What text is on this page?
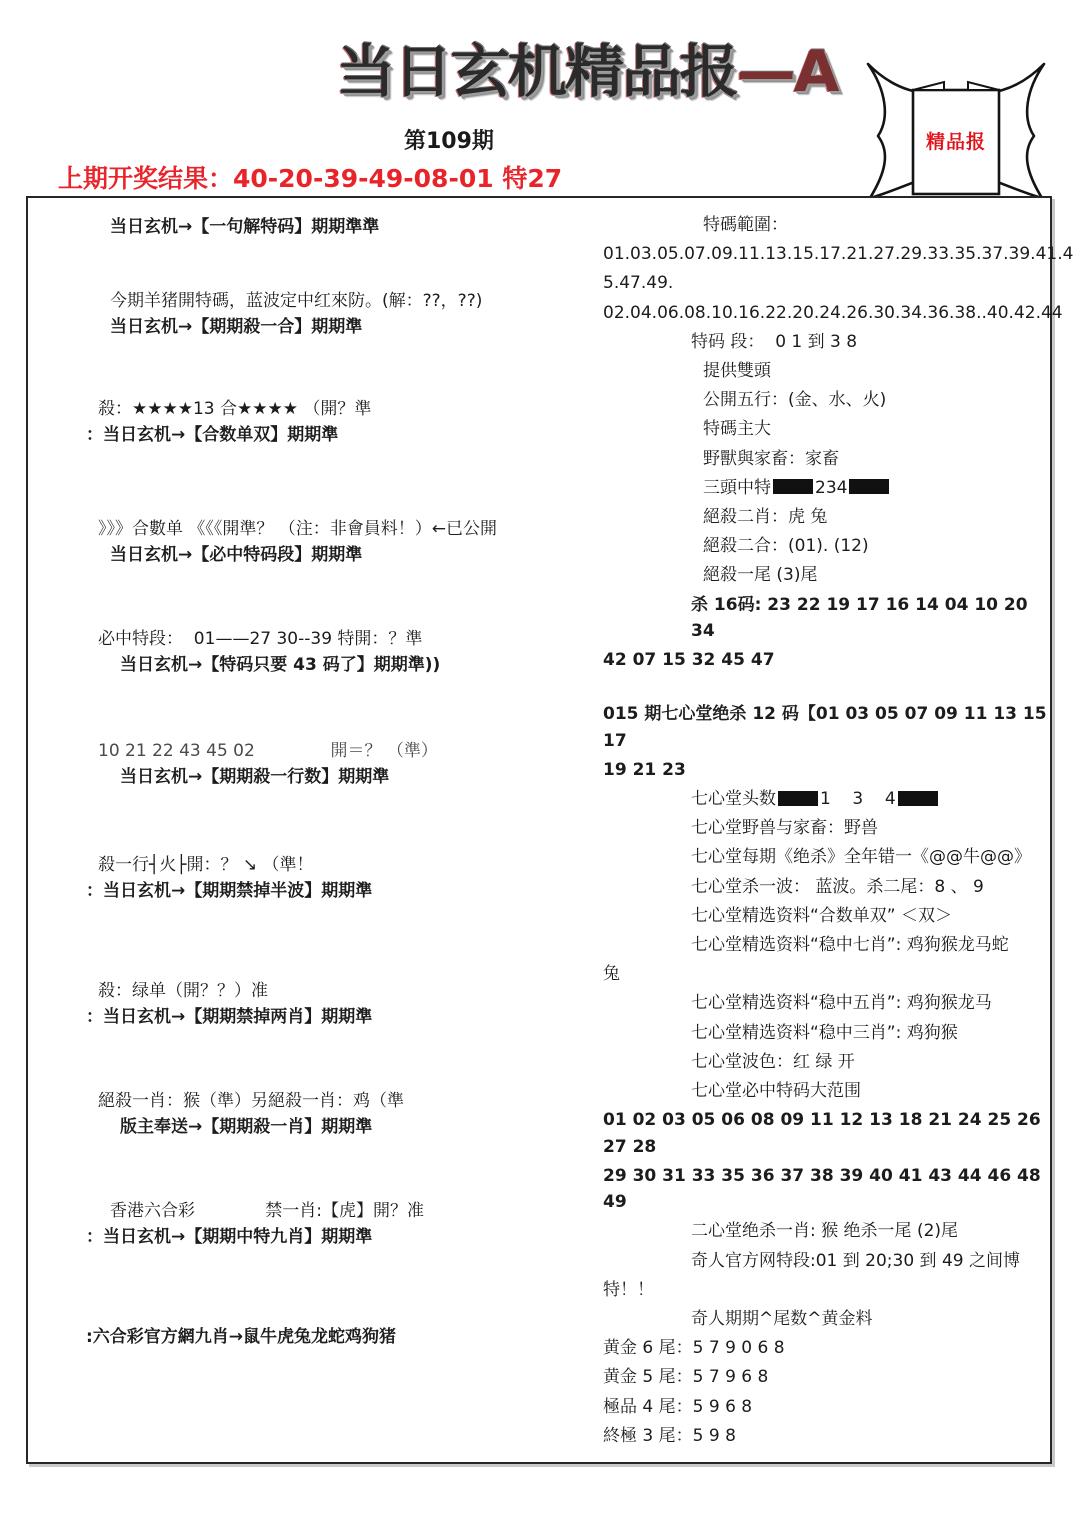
当日玄机精品报—A
第109期
上期开奖结果：40-20-39-49-08-01 特27
精品报
当日玄机→【一句解特码】期期準準
今期羊猪開特碼，蓝波定中红來防。(解：??，??)
当日玄机→【期期殺一合】期期準
殺：★★★★13 合★★★★ （開？準
：当日玄机→【合数单双】期期準
》》》合數单 《《《開準？ （注：非會員料！）←已公開
当日玄机→【必中特码段】期期準
必中特段：  01——27 30--39 特開：？準
当日玄机→【特码只要 43 码了】期期準))
10 21 22 43 45 02              開＝？ （準）
当日玄机→【期期殺一行数】期期準
殺一行┤火├開：？ ↘ （準！
：当日玄机→【期期禁掉半波】期期準
殺：绿单（開？？）准
：当日玄机→【期期禁掉两肖】期期準
絕殺一肖：猴（準）另絕殺一肖：鸡（準
版主奉送→【期期殺一肖】期期準
香港六合彩             禁一肖:【虎】開？准
：当日玄机→【期期中特九肖】期期準
:六合彩官方網九肖→鼠牛虎兔龙蛇鸡狗猪
特碼範圍：
01.03.05.07.09.11.13.15.17.21.27.29.33.35.37.39.41.4
5.47.49.
02.04.06.08.10.16.22.20.24.26.30.34.36.38..40.42.44
特码 段：  0 1 到 3 8
提供雙頭
公開五行：(金、水、火)
特碼主大
野獸與家畜：家畜
三頭中特	234
絕殺二肖：虎 兔
絕殺二合：(01). (12)
絕殺一尾 (3)尾
杀 16码: 23 22 19 17 16 14 04 10 20 34
42 07 15 32 45 47
015 期七心堂绝杀 12 码【01 03 05 07 09 11 13 15 17
19 21 23
七心堂头数	1    3    4
七心堂野兽与家畜：野兽
七心堂每期《绝杀》全年错一《@@牛@@》
七心堂杀一波： 蓝波。杀二尾：8 、 9
七心堂精选资料“合数单双” ＜双＞
七心堂精选资料“稳中七肖”: 鸡狗猴龙马蛇
兔
七心堂精选资料“稳中五肖”: 鸡狗猴龙马
七心堂精选资料“稳中三肖”: 鸡狗猴
七心堂波色：红 绿 开
七心堂必中特码大范围
01 02 03 05 06 08 09 11 12 13 18 21 24 25 26 27 28
29 30 31 33 35 36 37 38 39 40 41 43 44 46 48 49
二心堂绝杀一肖: 猴 绝杀一尾 (2)尾
奇人官方网特段:01 到 20;30 到 49 之间博
特！！
奇人期期^尾数^黄金料
黄金 6 尾：5 7 9 0 6 8
黄金 5 尾：5 7 9 6 8
極品 4 尾：5 9 6 8
終極 3 尾：5 9 8
